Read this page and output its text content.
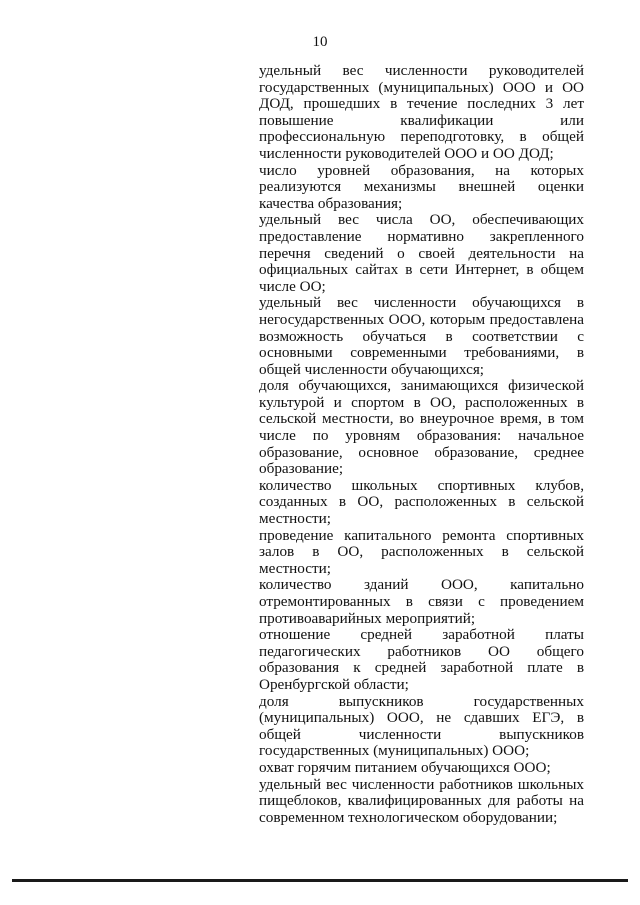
10

удельный вес численности руководителей государственных (муниципальных) ООО и ОО ДОД, прошедших в течение последних 3 лет повышение квалификации или профессиональную переподготовку, в общей численности руководителей ООО и ОО ДОД;

число уровней образования, на которых реализуются механизмы внешней оценки качества образования;

удельный вес числа ОО, обеспечивающих предоставление нормативно закрепленного перечня сведений о своей деятельности на официальных сайтах в сети Интернет, в общем числе ОО;

удельный вес численности обучающихся в негосударственных ООО, которым предоставлена возможность обучаться в соответствии с основными современными требованиями, в общей численности обучающихся;

доля обучающихся, занимающихся физической культурой и спортом в ОО, расположенных в сельской местности, во внеурочное время, в том числе по уровням образования: начальное образование, основное образование, среднее образование;

количество школьных спортивных клубов, созданных в ОО, расположенных в сельской местности;

проведение капитального ремонта спортивных залов в ОО, расположенных в сельской местности;

количество зданий ООО, капитально отремонтированных в связи с проведением противоаварийных мероприятий;

отношение средней заработной платы педагогических работников ОО общего образования к средней заработной плате в Оренбургской области;

доля выпускников государственных (муниципальных) ООО, не сдавших ЕГЭ, в общей численности выпускников государственных (муниципальных) ООО;

охват горячим питанием обучающихся ООО;

удельный вес численности работников школьных пищеблоков, квалифицированных для работы на современном технологическом оборудовании;
